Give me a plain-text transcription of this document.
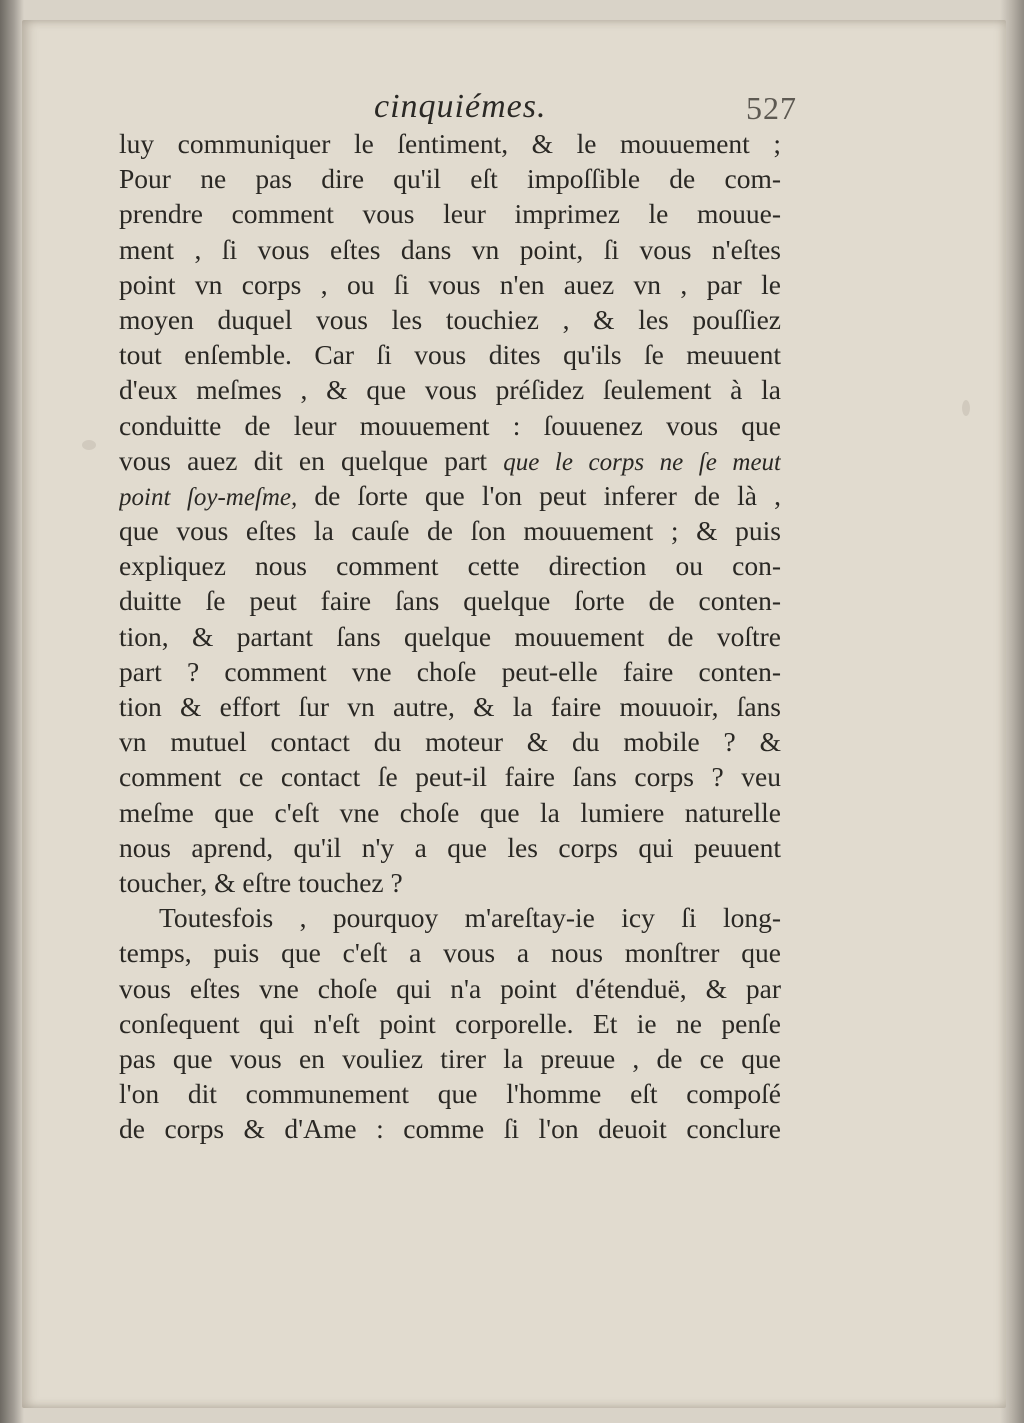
cinquiémes.	527
luy communiquer le ſentiment, & le mouuement ;
Pour ne pas dire qu'il eſt impoſſible de com-
prendre comment vous leur imprimez le mouue-
ment , ſi vous eſtes dans vn point, ſi vous n'eſtes
point vn corps , ou ſi vous n'en auez vn , par le
moyen duquel vous les touchiez , & les pouſſiez
tout enſemble. Car ſi vous dites qu'ils ſe meuuent
d'eux meſmes , & que vous préſidez ſeulement à la
conduitte de leur mouuement : ſouuenez vous que
vous auez dit en quelque part que le corps ne ſe meut
point ſoy-meſme, de ſorte que l'on peut inferer de là ,
que vous eſtes la cauſe de ſon mouuement ; & puis
expliquez nous comment cette direction ou con-
duitte ſe peut faire ſans quelque ſorte de conten-
tion, & partant ſans quelque mouuement de voſtre
part ? comment vne choſe peut-elle faire conten-
tion & effort ſur vn autre, & la faire mouuoir, ſans
vn mutuel contact du moteur & du mobile ? &
comment ce contact ſe peut-il faire ſans corps ? veu
meſme que c'eſt vne choſe que la lumiere naturelle
nous aprend, qu'il n'y a que les corps qui peuuent
toucher, & eſtre touchez ?
Toutesfois , pourquoy m'areſtay-ie icy ſi long-
temps, puis que c'eſt a vous a nous monſtrer que
vous eſtes vne choſe qui n'a point d'étenduë, & par
conſequent qui n'eſt point corporelle. Et ie ne penſe
pas que vous en vouliez tirer la preuue , de ce que
l'on dit communement que l'homme eſt compoſé
de corps & d'Ame : comme ſi l'on deuoit conclure
